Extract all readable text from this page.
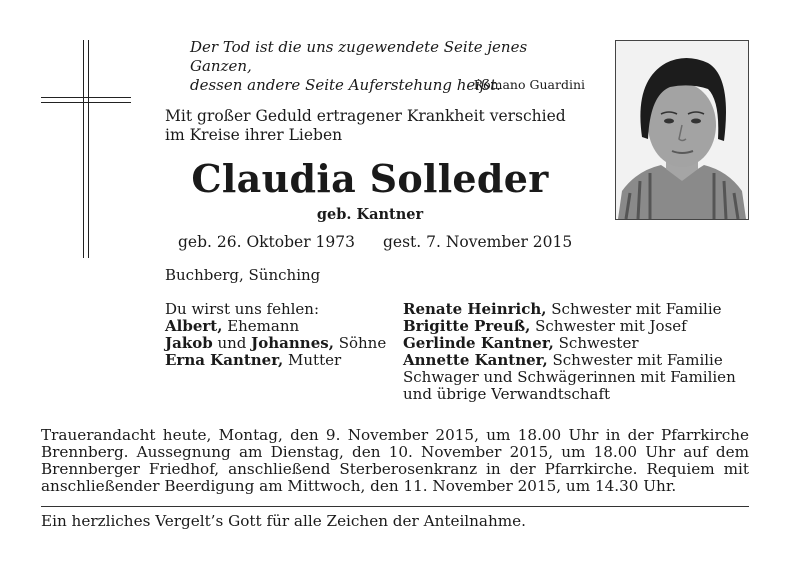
Der Tod ist die uns zugewendete Seite jenes Ganzen,
dessen andere Seite Auferstehung heißt.
Romano Guardini
Mit großer Geduld ertragener Krankheit verschied
im Kreise ihrer Lieben
Claudia Solleder
geb. Kantner
geb. 26. Oktober 1973 gest. 7. November 2015
Buchberg, Sünching
Du wirst uns fehlen:
Albert, Ehemann
Jakob und Johannes, Söhne
Erna Kantner, Mutter
Renate Heinrich, Schwester mit Familie
Brigitte Preuß, Schwester mit Josef
Gerlinde Kantner, Schwester
Annette Kantner, Schwester mit Familie
Schwager und Schwägerinnen mit Familien
und übrige Verwandtschaft
Trauerandacht heute, Montag, den 9. November 2015, um 18.00 Uhr in der Pfarrkirche Brennberg. Aussegnung am Dienstag, den 10. November 2015, um 18.00 Uhr auf dem Brennberger Friedhof, anschließend Sterberosenkranz in der Pfarrkirche. Requiem mit anschließender Beerdigung am Mittwoch, den 11. November 2015, um 14.30 Uhr.
Ein herzliches Vergelt’s Gott für alle Zeichen der Anteilnahme.
